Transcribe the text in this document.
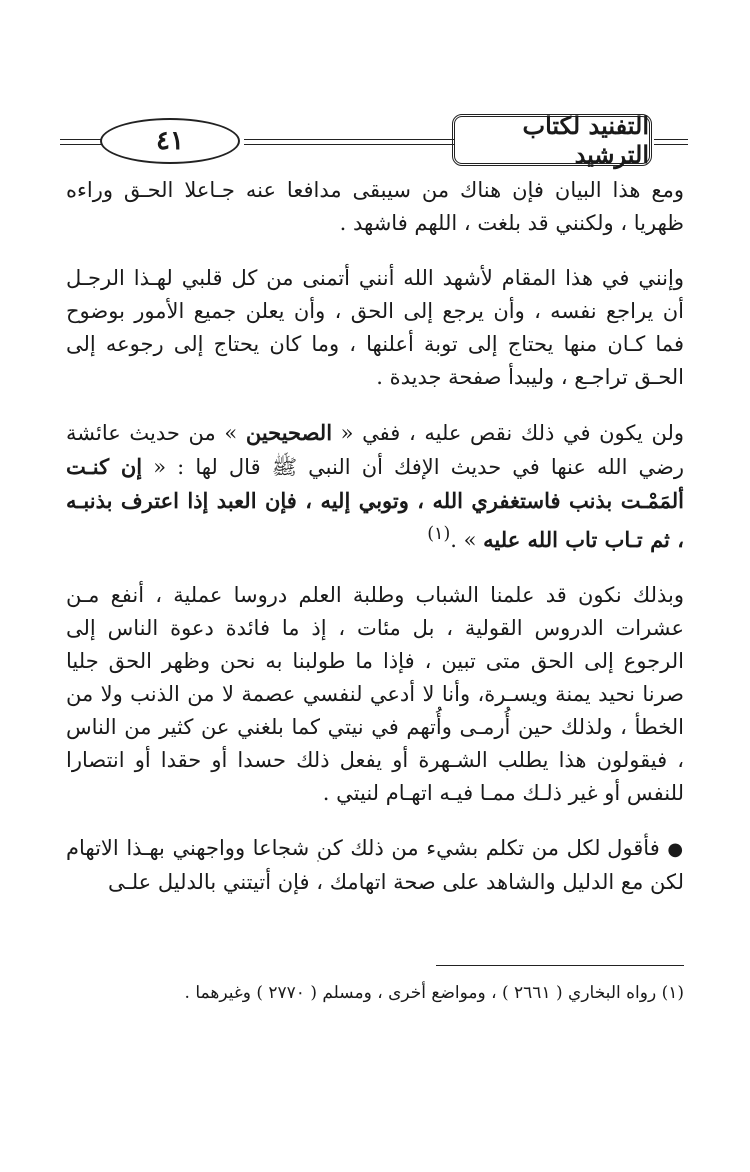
٤١
التفنيد لكتاب الترشيد

ومع هذا البيان فإن هناك من سيبقى مدافعا عنه جـاعلا الحـق وراءه ظهريا ، ولكنني قد بلغت ، اللهم فاشهد .

وإنني في هذا المقام لأشهد الله أنني أتمنى من كل قلبي لهـذا الرجـل أن يراجع نفسه ، وأن يرجع إلى الحق ، وأن يعلن جميع الأمور بوضوح فما كـان منها يحتاج إلى توبة أعلنها ، وما كان يحتاج إلى رجوعه إلى الحـق تراجـع ، وليبدأ صفحة جديدة .

ولن يكون في ذلك نقص عليه ، ففي « الصحيحين » من حديث عائشة رضي الله عنها في حديث الإفك أن النبي ﷺ قال لها : « إن كنـت ألمَمْـت بذنب فاستغفري الله ، وتوبي إليه ، فإن العبد إذا اعترف بذنبـه ، ثم تـاب تاب الله عليه » .$^{(١)}$

وبذلك نكون قد علمنا الشباب وطلبة العلم دروسا عملية ، أنفع مـن عشرات الدروس القولية ، بل مئات ، إذ ما فائدة دعوة الناس إلى الرجوع إلى الحق متى تبين ، فإذا ما طولبنا به نحن وظهر الحق جليا صرنا نحيد يمنة ويسـرة، وأنا لا أدعي لنفسي عصمة لا من الذنب ولا من الخطأ ، ولذلك حين أُرمـى وأُتهم في نيتي كما بلغني عن كثير من الناس ، فيقولون هذا يطلب الشـهرة أو يفعل ذلك حسدا أو حقدا أو انتصارا للنفس أو غير ذلـك ممـا فيـه اتهـام لنيتي .

● فأقول لكل من تكلم بشيء من ذلك كن شجاعا وواجهني بهـذا الاتهام لكن مع الدليل والشاهد على صحة اتهامك ، فإن أتيتني بالدليل علـى

(١) رواه البخاري ( ٢٦٦١ ) ، ومواضع أخرى ، ومسلم ( ٢٧٧٠ ) وغيرهما .
